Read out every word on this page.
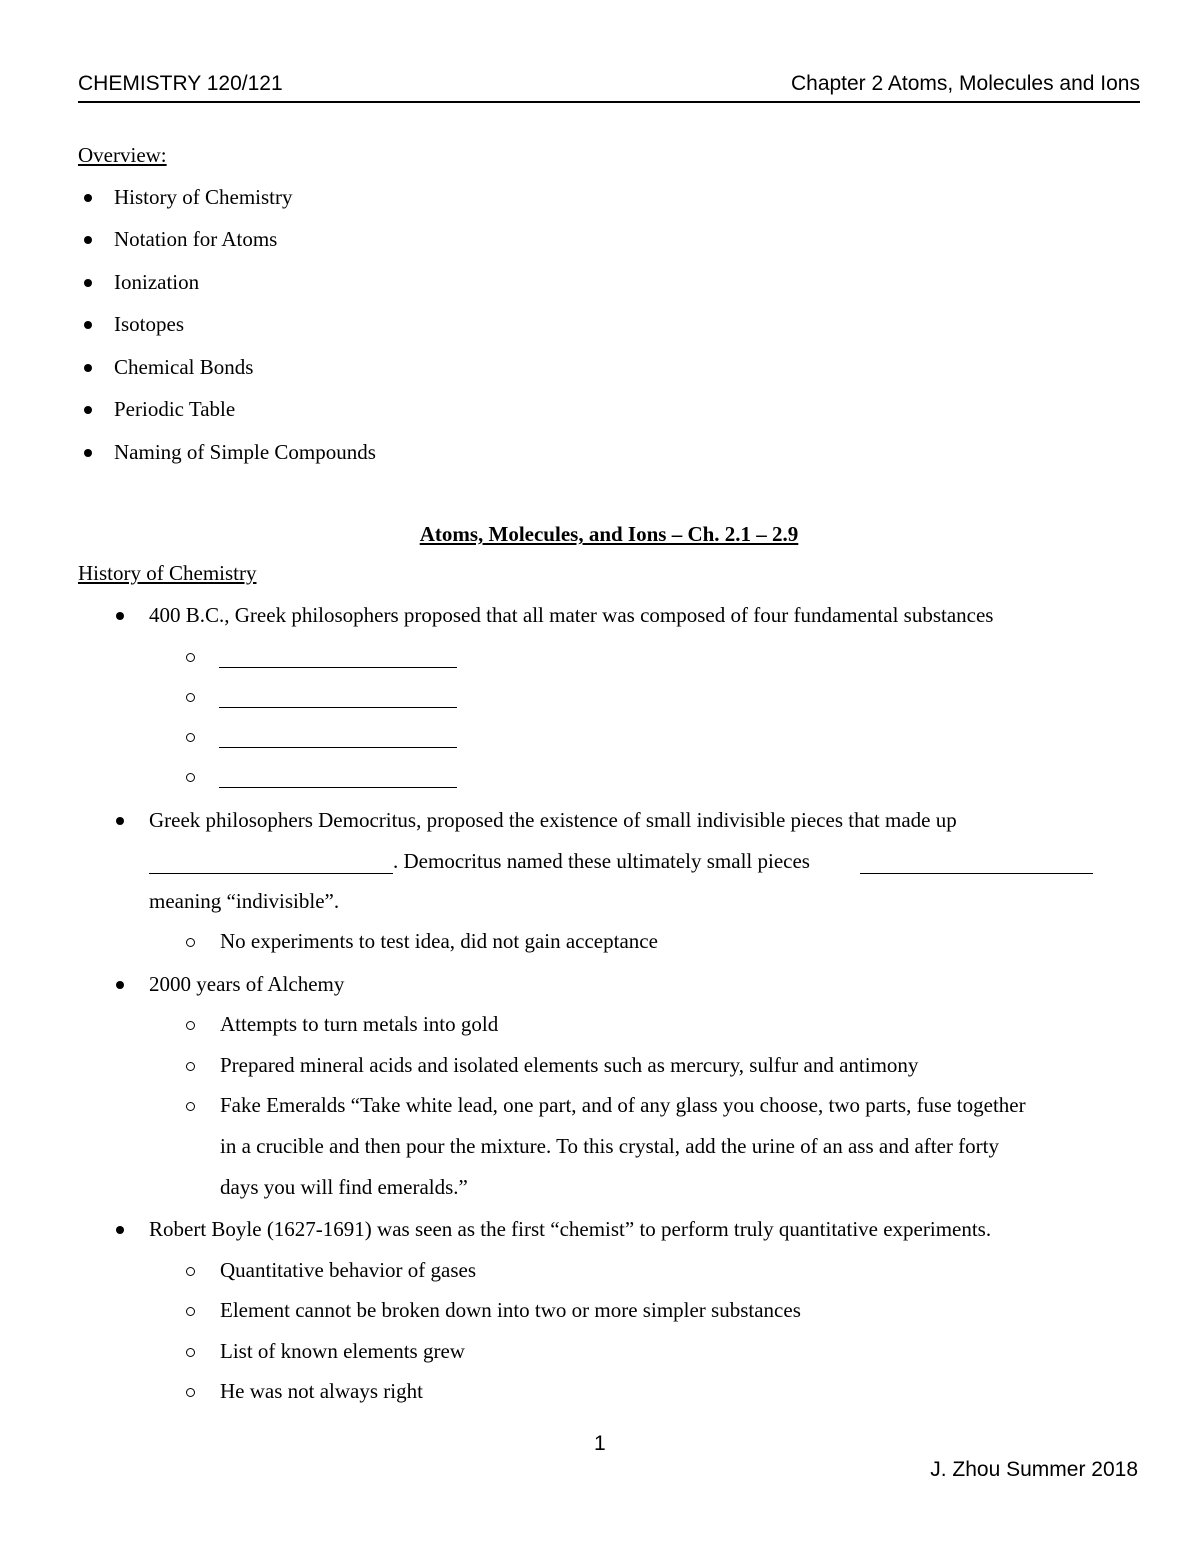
CHEMISTRY 120/121	Chapter 2 Atoms, Molecules and Ions
Overview:
History of Chemistry
Notation for Atoms
Ionization
Isotopes
Chemical Bonds
Periodic Table
Naming of Simple Compounds
Atoms, Molecules, and Ions – Ch. 2.1 – 2.9
History of Chemistry
400 B.C., Greek philosophers proposed that all mater was composed of four fundamental substances
Greek philosophers Democritus, proposed the existence of small indivisible pieces that made up
. Democritus named these ultimately small pieces
meaning “indivisible”.
No experiments to test idea, did not gain acceptance
2000 years of Alchemy
Attempts to turn metals into gold
Prepared mineral acids and isolated elements such as mercury, sulfur and antimony
Fake Emeralds “Take white lead, one part, and of any glass you choose, two parts, fuse together
in a crucible and then pour the mixture. To this crystal, add the urine of an ass and after forty
days you will find emeralds.”
Robert Boyle (1627-1691) was seen as the first “chemist” to perform truly quantitative experiments.
Quantitative behavior of gases
Element cannot be broken down into two or more simpler substances
List of known elements grew
He was not always right
1
J. Zhou Summer 2018
